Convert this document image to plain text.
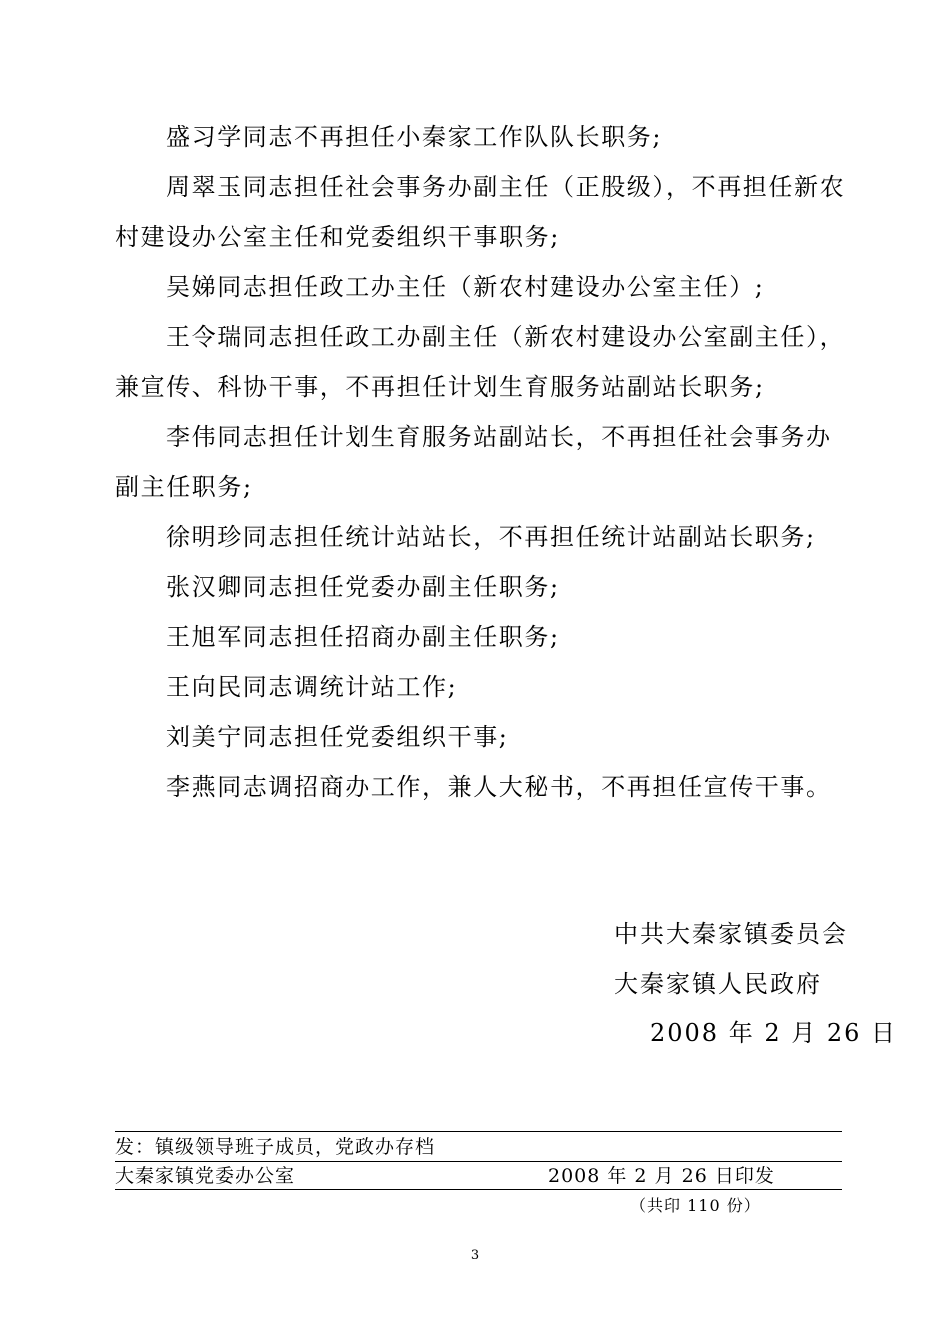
盛习学同志不再担任小秦家工作队队长职务;
周翠玉同志担任社会事务办副主任（正股级），不再担任新农
村建设办公室主任和党委组织干事职务;
吴娣同志担任政工办主任（新农村建设办公室主任）;
王令瑞同志担任政工办副主任（新农村建设办公室副主任），
兼宣传、科协干事，不再担任计划生育服务站副站长职务;
李伟同志担任计划生育服务站副站长，不再担任社会事务办
副主任职务;
徐明珍同志担任统计站站长，不再担任统计站副站长职务;
张汉卿同志担任党委办副主任职务;
王旭军同志担任招商办副主任职务;
王向民同志调统计站工作;
刘美宁同志担任党委组织干事;
李燕同志调招商办工作，兼人大秘书，不再担任宣传干事。
中共大秦家镇委员会
大秦家镇人民政府
2008 年 2 月 26 日
发：镇级领导班子成员，党政办存档
大秦家镇党委办公室	2008 年 2 月 26 日印发
（共印 110 份）
3
